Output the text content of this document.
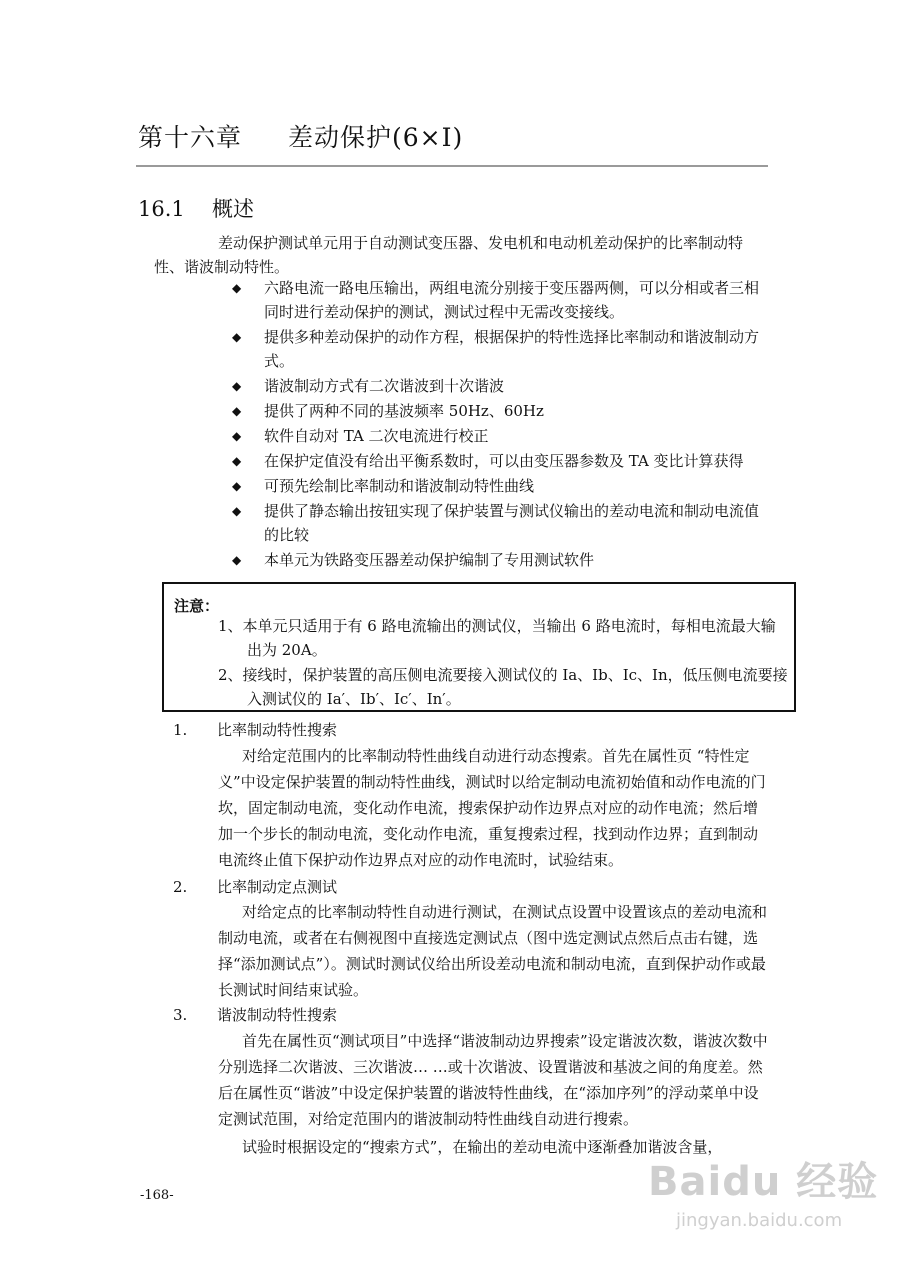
第十六章 差动保护(6×I)
16.1 概述
差动保护测试单元用于自动测试变压器、发电机和电动机差动保护的比率制动特
性、谐波制动特性。
◆ 六路电流一路电压输出，两组电流分别接于变压器两侧，可以分相或者三相同时进行差动保护的测试，测试过程中无需改变接线。
◆ 提供多种差动保护的动作方程，根据保护的特性选择比率制动和谐波制动方式。
◆ 谐波制动方式有二次谐波到十次谐波
◆ 提供了两种不同的基波频率 50Hz、60Hz
◆ 软件自动对 TA 二次电流进行校正
◆ 在保护定值没有给出平衡系数时，可以由变压器参数及 TA 变比计算获得
◆ 可预先绘制比率制动和谐波制动特性曲线
◆ 提供了静态输出按钮实现了保护装置与测试仪输出的差动电流和制动电流值的比较
◆ 本单元为铁路变压器差动保护编制了专用测试软件
注意：
1、本单元只适用于有 6 路电流输出的测试仪，当输出 6 路电流时，每相电流最大输出为 20A。
2、接线时，保护装置的高压侧电流要接入测试仪的 Ia、Ib、Ic、In，低压侧电流要接入测试仪的 Ia′、Ib′、Ic′、In′。
1. 比率制动特性搜索
对给定范围内的比率制动特性曲线自动进行动态搜索。首先在属性页 “特性定义”中设定保护装置的制动特性曲线，测试时以给定制动电流初始值和动作电流的门坎，固定制动电流，变化动作电流，搜索保护动作边界点对应的动作电流；然后增加一个步长的制动电流，变化动作电流，重复搜索过程，找到动作边界；直到制动电流终止值下保护动作边界点对应的动作电流时，试验结束。
2. 比率制动定点测试
对给定点的比率制动特性自动进行测试，在测试点设置中设置该点的差动电流和制动电流，或者在右侧视图中直接选定测试点（图中选定测试点然后点击右键，选择“添加测试点”）。测试时测试仪给出所设差动电流和制动电流，直到保护动作或最长测试时间结束试验。
3. 谐波制动特性搜索
首先在属性页“测试项目”中选择“谐波制动边界搜索”设定谐波次数，谐波次数中分别选择二次谐波、三次谐波… …或十次谐波、设置谐波和基波之间的角度差。然后在属性页“谐波”中设定保护装置的谐波特性曲线，在“添加序列”的浮动菜单中设定测试范围，对给定范围内的谐波制动特性曲线自动进行搜索。
试验时根据设定的“搜索方式”，在输出的差动电流中逐渐叠加谐波含量，
-168-	Baidu 经验
jingyan.baidu.com
